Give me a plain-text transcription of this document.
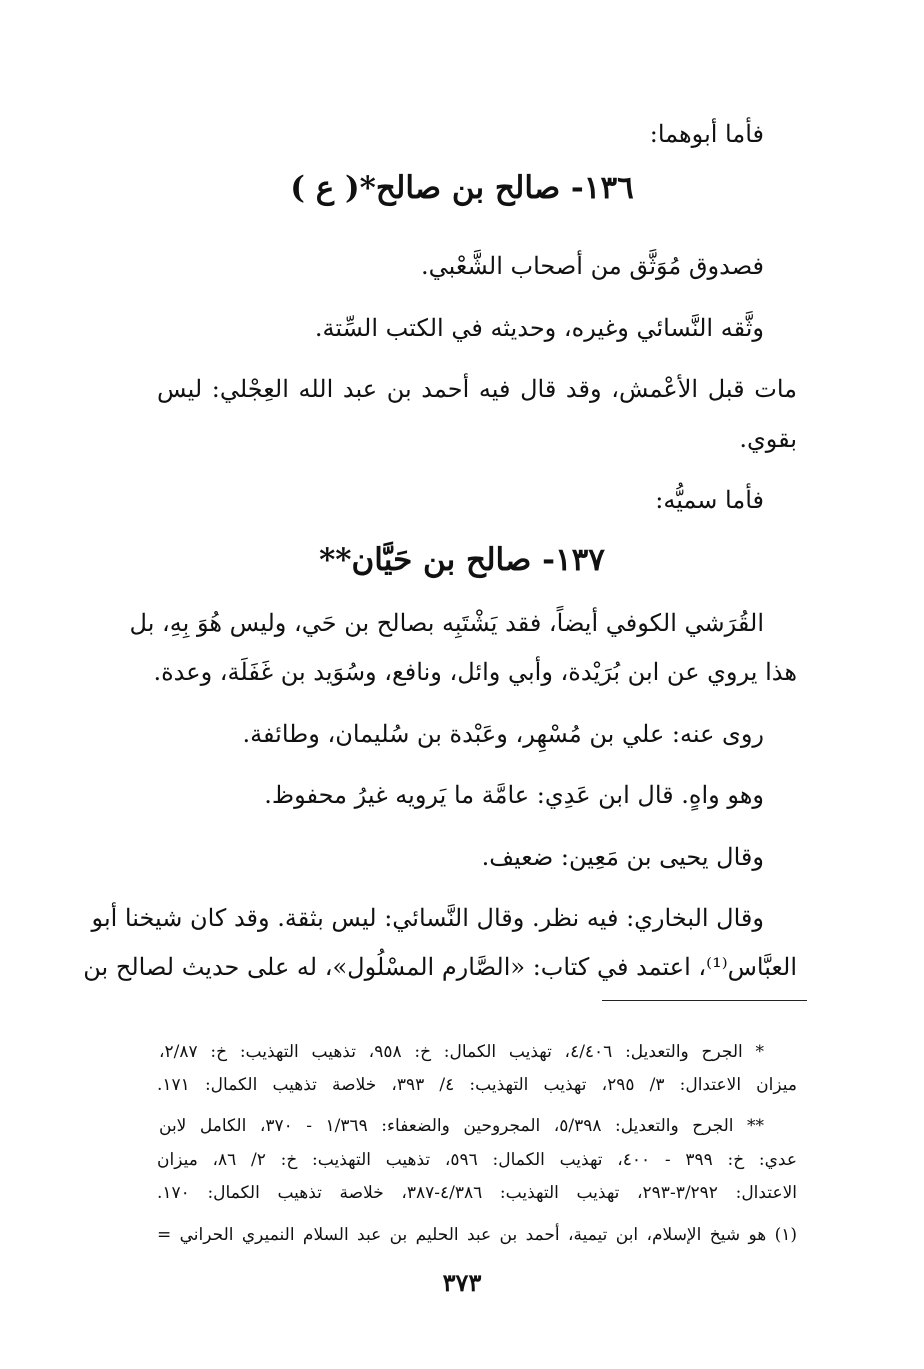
فأما أبوهما:

١٣٦- صالح بن صالح*( ع )

فصدوق مُوَثَّق من أصحاب الشَّعْبي.

وثَّقه النَّسائي وغيره، وحديثه في الكتب السِّتة.

مات قبل الأعْمش، وقد قال فيه أحمد بن عبد الله العِجْلي: ليس

بقوي.

فأما سميُّه:

١٣٧- صالح بن حَيَّان**

القُرَشي الكوفي أيضاً، فقد يَشْتَبِه بصالح بن حَي، وليس هُوَ بِهِ، بل

هذا يروي عن ابن بُرَيْدة، وأبي وائل، ونافع، وسُوَيد بن غَفَلَة، وعدة.

روى عنه: علي بن مُسْهِر، وعَبْدة بن سُليمان، وطائفة.

وهو واهٍ. قال ابن عَدِي: عامَّة ما يَرويه غيرُ محفوظ.

وقال يحيى بن مَعِين: ضعيف.

وقال البخاري: فيه نظر. وقال النَّسائي: ليس بثقة. وقد كان شيخنا أبو

العبَّاس⁽¹⁾، اعتمد في كتاب: «الصَّارم المسْلُول»، له على حديث لصالح بن

* الجرح والتعديل: ٤/٤٠٦، تهذيب الكمال: خ: ٩٥٨، تذهيب التهذيب: خ: ٢/٨٧،

ميزان الاعتدال: ٣/ ٢٩٥، تهذيب التهذيب: ٤/ ٣٩٣، خلاصة تذهيب الكمال: ١٧١.

** الجرح والتعديل: ٥/٣٩٨، المجروحين والضعفاء: ١/٣٦٩ - ٣٧٠، الكامل لابن

عدي: خ: ٣٩٩ - ٤٠٠، تهذيب الكمال: ٥٩٦، تذهيب التهذيب: خ: ٢/ ٨٦، ميزان

الاعتدال: ٣/٢٩٢-٢٩٣، تهذيب التهذيب: ٤/٣٨٦-٣٨٧، خلاصة تذهيب الكمال: ١٧٠.

(١) هو شيخ الإسلام، ابن تيمية، أحمد بن عبد الحليم بن عبد السلام النميري الحراني =

٣٧٣
